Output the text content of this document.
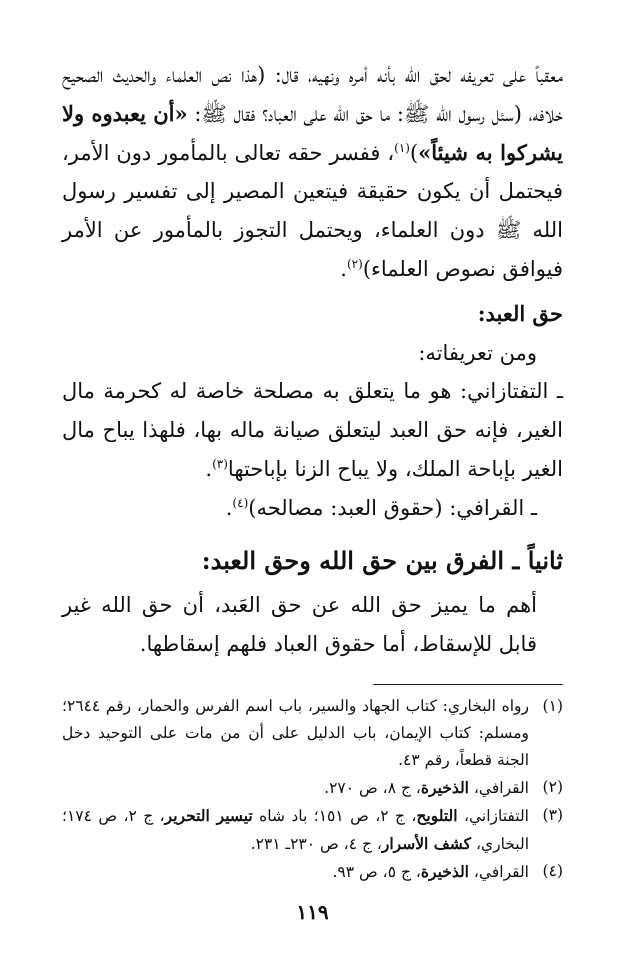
معقباً على تعريفه لحق الله بأنه أمره ونهيه، قال: (هذا نص العلماء والحديث الصحيح خلافه، (سئل رسول الله ﷺ: ما حق الله على العباد؟ فقال ﷺ: «أن يعبدوه ولا يشركوا به شيئاً»)$^{(١)}$، ففسر حقه تعالى بالمأمور دون الأمر، فيحتمل أن يكون حقيقة فيتعين المصير إلى تفسير رسول الله ﷺ دون العلماء، ويحتمل التجوز بالمأمور عن الأمر فيوافق نصوص العلماء)$^{(٢)}$.

حق العبد:

ومن تعريفاته:

ـ التفتازاني: هو ما يتعلق به مصلحة خاصة له كحرمة مال الغير، فإنه حق العبد ليتعلق صيانة ماله بها، فلهذا يباح مال الغير بإباحة الملك، ولا يباح الزنا بإباحتها$^{(٣)}$.

ـ القرافي: (حقوق العبد: مصالحه)$^{(٤)}$.

ثانياً ـ الفرق بين حق الله وحق العبد:

أهم ما يميز حق الله عن حق العَبد، أن حق الله غير قابل للإسقاط، أما حقوق العباد فلهم إسقاطها.

(١)
رواه البخاري: كتاب الجهاد والسير، باب اسم الفرس والحمار، رقم ٢٦٤٤؛ ومسلم: كتاب الإيمان، باب الدليل على أن من مات على التوحيد دخل الجنة قطعاً، رقم ٤٣.
(٢)
القرافي، الذخيرة، ج ٨، ص ٢٧٠.
(٣)
التفتازاني، التلويح، ج ٢، ص ١٥١؛ باد شاه تيسير التحرير، ج ٢، ص ١٧٤؛ البخاري، كشف الأسرار، ج ٤، ص ٢٣٠ـ ٢٣١.
(٤)
القرافي، الذخيرة، ج ٥، ص ٩٣.
١١٩
